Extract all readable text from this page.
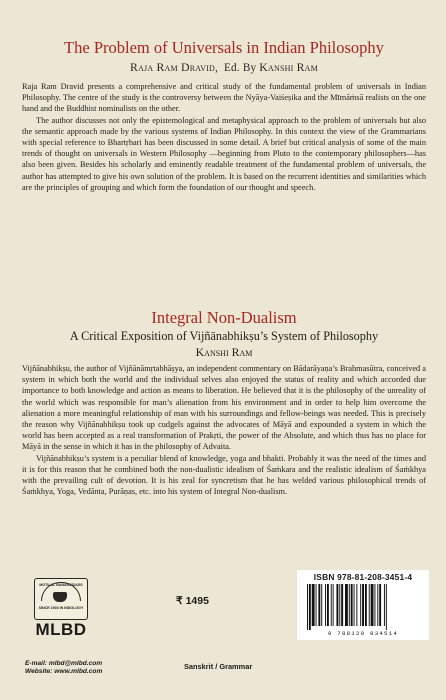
The Problem of Universals in Indian Philosophy
Raja Ram Dravid,  Ed. By Kanshi Ram

Raja Ram Dravid presents a comprehensive and critical study of the fundamental problem of universals in Indian Philosophy. The centre of the study is the controversy between the Nyāya-Vaiśeṣika and the Mīmāṁsā realists on the one hand and the Buddhist nominalists on the other.

The author discusses not only the epistemological and metaphysical approach to the problem of universals but also the semantic approach made by the various systems of Indian Philosophy. In this context the view of the Grammarians with special reference to Bhartṛhari has been discussed in some detail. A brief but critical analysis of some of the main trends of thought on universals in Western Philosophy —beginning from Pluto to the contemporary philosophers—has also been given. Besides his scholarly and eminently readable treatment of the fundamental problem of universals, the author has attempted to give his own solution of the problem. It is based on the recurrent identities and similarities which are the principles of grouping and which form the foundation of our thought and speech.

Integral Non-Dualism
A Critical Exposition of Vijñānabhikṣu’s System of Philosophy
Kanshi Ram

Vijñānabhikṣu, the author of Vijñānāmṛtabhāṣya, an independent commentary on Bādarāyaṇa’s Brahmasūtra, conceived a system in which both the world and the individual selves also enjoyed the status of reality and which accorded due importance to both knowledge and action as means to liberation. He believed that it is the philosophy of the unreality of the world which was responsible for man’s alienation from his environment and in order to help him overcome the alienation a more meaningful relationship of man with his surroundings and fellow-beings was needed. This is precisely the reason why Vijñānabhikṣu took up cudgels against the advocates of Māyā and expounded a system in which the world has been accepted as a real transformation of Prakṛti, the power of the Absolute, and which thus has no place for Māyā in the sense in which it has in the philosophy of Advaita.

Vijñānabhikṣu’s system is a peculiar blend of knowledge, yoga and bhakti. Probably it was the need of the times and it is for this reason that he combined both the non-dualistic idealism of Śaṁkara and the realistic idealism of Śaṁkhya with the prevailing cult of devotion. It is his zeal for syncretism that he has welded various philosophical trends of Śaṁkhya, Yoga, Vedānta, Purāṇas, etc. into his system of Integral Non-dualism.

MOTILAL BANARSIDASS
SINCE 1903 IN INDOLOGY
MLBD
E-mail: mlbd@mlbd.com
Website: www.mlbd.com
₹ 1495
Sanskrit / Grammar
ISBN 978-81-208-3451-4
9 788120 834514
